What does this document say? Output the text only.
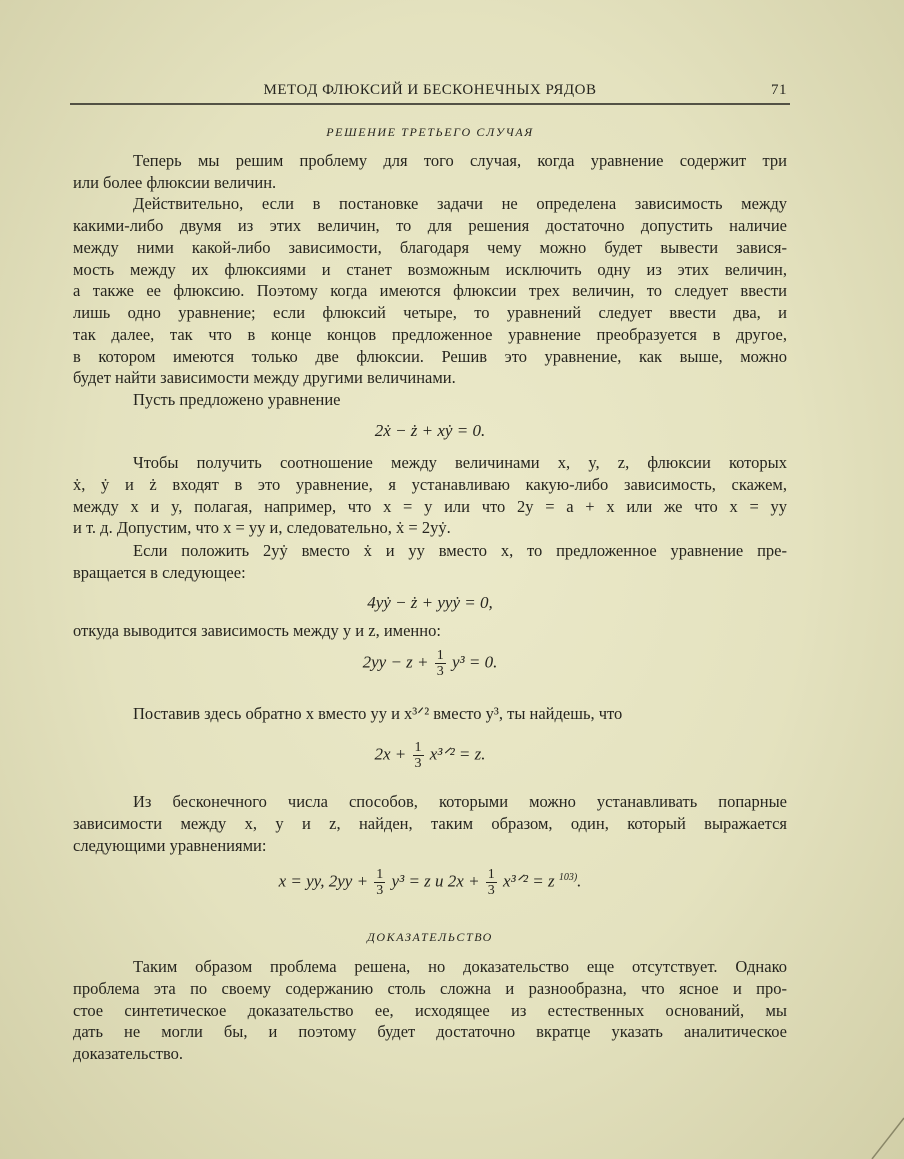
МЕТОД ФЛЮКСИЙ И БЕСКОНЕЧНЫХ РЯДОВ	71
РЕШЕНИЕ ТРЕТЬЕГО СЛУЧАЯ
Теперь мы решим проблему для того случая, когда уравнение содержит три
или более флюксии величин.
Действительно, если в постановке задачи не определена зависимость между
какими-либо двумя из этих величин, то для решения достаточно допустить наличие
между ними какой-либо зависимости, благодаря чему можно будет вывести завися-
мость между их флюксиями и станет возможным исключить одну из этих величин,
а также ее флюксию. Поэтому когда имеются флюксии трех величин, то следует ввести
лишь одно уравнение; если флюксий четыре, то уравнений следует ввести два, и
так далее, так что в конце концов предложенное уравнение преобразуется в другое,
в котором имеются только две флюксии. Решив это уравнение, как выше, можно
будет найти зависимости между другими величинами.
Пусть предложено уравнение
2ẋ − ż + xẏ = 0.
Чтобы получить соотношение между величинами x, y, z, флюксии которых
ẋ, ẏ и ż входят в это уравнение, я устанавливаю какую-либо зависимость, скажем,
между x и y, полагая, например, что x = y или что 2y = a + x или же что x = yy
и т. д. Допустим, что x = yy и, следовательно, ẋ = 2yẏ.
Если положить 2yẏ вместо ẋ и yy вместо x, то предложенное уравнение пре-
вращается в следующее:
4yẏ − ż + yyẏ = 0,
откуда выводится зависимость между y и z, именно:
$2yy - z + \frac{1}{3} y^3 = 0$.
Поставив здесь обратно x вместо yy и x³ᐟ² вместо y³, ты найдешь, что
$2x + \frac{1}{3}$ x³ᐟ² = z.
Из бесконечного числа способов, которыми можно устанавливать попарные
зависимости между x, y и z, найден, таким образом, один, который выражается
следующими уравнениями:
x = yy, $2yy + \frac{1}{3} y^3 = z$ и $2x + \frac{1}{3}$ x³ᐟ² = z $^{103)}$.
ДОКАЗАТЕЛЬСТВО
Таким образом проблема решена, но доказательство еще отсутствует. Однако
проблема эта по своему содержанию столь сложна и разнообразна, что ясное и про-
стое синтетическое доказательство ее, исходящее из естественных оснований, мы
дать не могли бы, и поэтому будет достаточно вкратце указать аналитическое
доказательство.
